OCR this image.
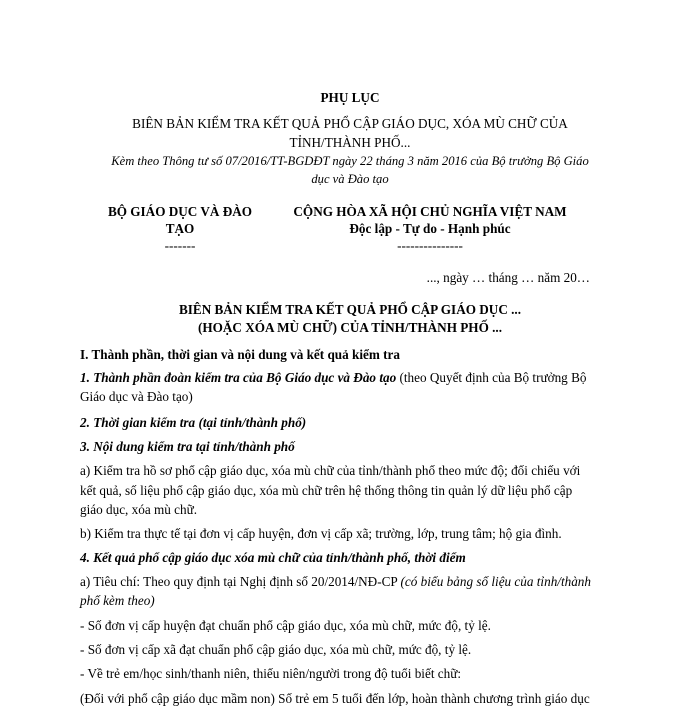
PHỤ LỤC
BIÊN BẢN KIỂM TRA KẾT QUẢ PHỔ CẬP GIÁO DỤC, XÓA MÙ CHỮ CỦA
TỈNH/THÀNH PHỐ...
Kèm theo Thông tư số 07/2016/TT-BGDĐT ngày 22 tháng 3 năm 2016 của Bộ trưởng Bộ Giáo
dục và Đào tạo
BỘ GIÁO DỤC VÀ ĐÀO
TẠO
-------
CỘNG HÒA XÃ HỘI CHỦ NGHĨA VIỆT NAM
Độc lập - Tự do - Hạnh phúc
---------------
..., ngày … tháng … năm 20…
BIÊN BẢN KIỂM TRA KẾT QUẢ PHỔ CẬP GIÁO DỤC ...
(HOẶC XÓA MÙ CHỮ) CỦA TỈNH/THÀNH PHỐ ...
I. Thành phần, thời gian và nội dung và kết quả kiểm tra
1. Thành phần đoàn kiểm tra của Bộ Giáo dục và Đào tạo (theo Quyết định của Bộ trưởng Bộ
Giáo dục và Đào tạo)
2. Thời gian kiểm tra (tại tỉnh/thành phố)
3. Nội dung kiểm tra tại tỉnh/thành phố
a) Kiểm tra hồ sơ phổ cập giáo dục, xóa mù chữ của tỉnh/thành phố theo mức độ; đối chiếu với
kết quả, số liệu phổ cập giáo dục, xóa mù chữ trên hệ thống thông tin quản lý dữ liệu phổ cập
giáo dục, xóa mù chữ.
b) Kiểm tra thực tế tại đơn vị cấp huyện, đơn vị cấp xã; trường, lớp, trung tâm; hộ gia đình.
4. Kết quả phổ cập giáo dục xóa mù chữ của tỉnh/thành phố, thời điểm
a) Tiêu chí: Theo quy định tại Nghị định số 20/2014/NĐ-CP (có biểu bảng số liệu của tỉnh/thành
phố kèm theo)
- Số đơn vị cấp huyện đạt chuẩn phổ cập giáo dục, xóa mù chữ, mức độ, tỷ lệ.
- Số đơn vị cấp xã đạt chuẩn phổ cập giáo dục, xóa mù chữ, mức độ, tỷ lệ.
- Về trẻ em/học sinh/thanh niên, thiếu niên/người trong độ tuổi biết chữ:
(Đối với phổ cập giáo dục mầm non) Số trẻ em 5 tuổi đến lớp, hoàn thành chương trình giáo dục
